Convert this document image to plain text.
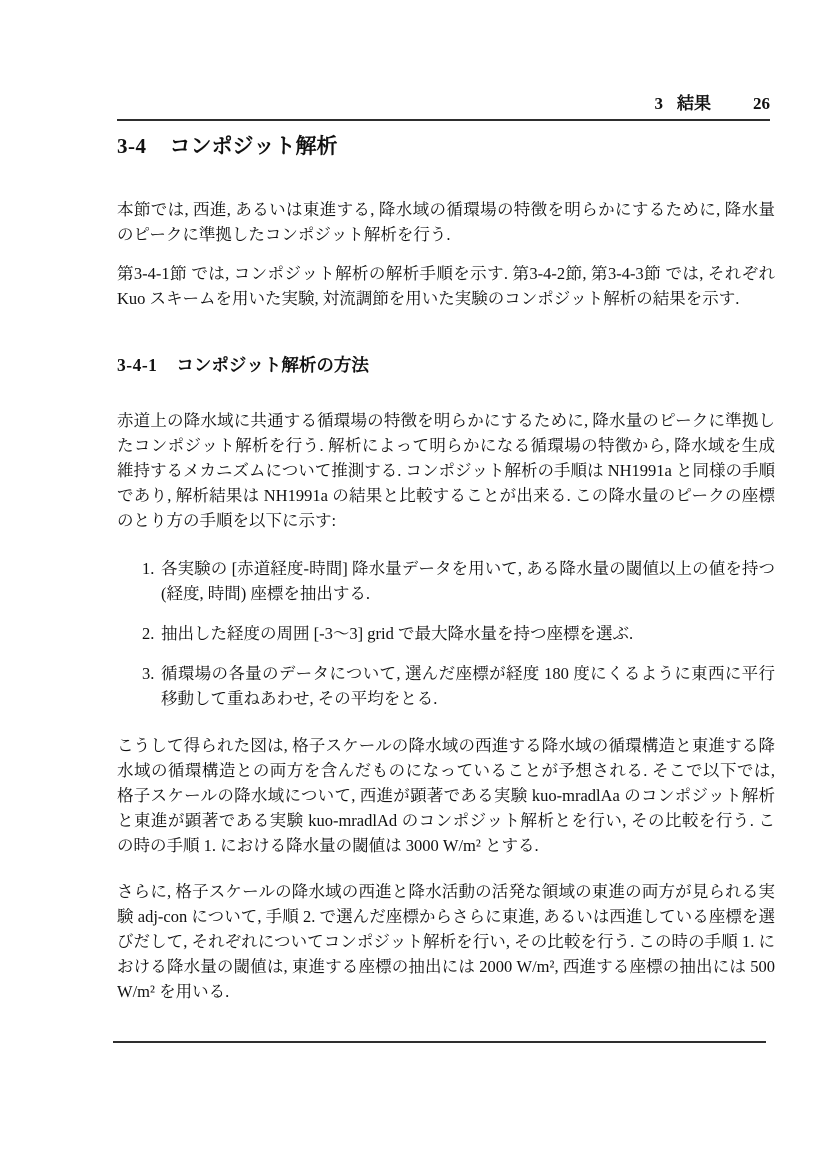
3 結果 26
3-4 コンポジット解析
本節では, 西進, あるいは東進する, 降水域の循環場の特徴を明らかにするために, 降水量のピークに準拠したコンポジット解析を行う.
第3-4-1節 では, コンポジット解析の解析手順を示す. 第3-4-2節, 第3-4-3節 では, それぞれ Kuo スキームを用いた実験, 対流調節を用いた実験のコンポジット解析の結果を示す.
3-4-1 コンポジット解析の方法
赤道上の降水域に共通する循環場の特徴を明らかにするために, 降水量のピークに準拠したコンポジット解析を行う. 解析によって明らかになる循環場の特徴から, 降水域を生成維持するメカニズムについて推測する. コンポジット解析の手順は NH1991a と同様の手順であり, 解析結果は NH1991a の結果と比較することが出来る. この降水量のピークの座標のとり方の手順を以下に示す:
1. 各実験の [赤道経度-時間] 降水量データを用いて, ある降水量の閾値以上の値を持つ (経度, 時間) 座標を抽出する.
2. 抽出した経度の周囲 [-3〜3] grid で最大降水量を持つ座標を選ぶ.
3. 循環場の各量のデータについて, 選んだ座標が経度 180 度にくるように東西に平行移動して重ねあわせ, その平均をとる.
こうして得られた図は, 格子スケールの降水域の西進する降水域の循環構造と東進する降水域の循環構造との両方を含んだものになっていることが予想される. そこで以下では, 格子スケールの降水域について, 西進が顕著である実験 kuo-mradlAa のコンポジット解析と東進が顕著である実験 kuo-mradlAd のコンポジット解析とを行い, その比較を行う. この時の手順 1. における降水量の閾値は 3000 W/m² とする.
さらに, 格子スケールの降水域の西進と降水活動の活発な領域の東進の両方が見られる実験 adj-con について, 手順 2. で選んだ座標からさらに東進, あるいは西進している座標を選びだして, それぞれについてコンポジット解析を行い, その比較を行う. この時の手順 1. における降水量の閾値は, 東進する座標の抽出には 2000 W/m², 西進する座標の抽出には 500 W/m² を用いる.
